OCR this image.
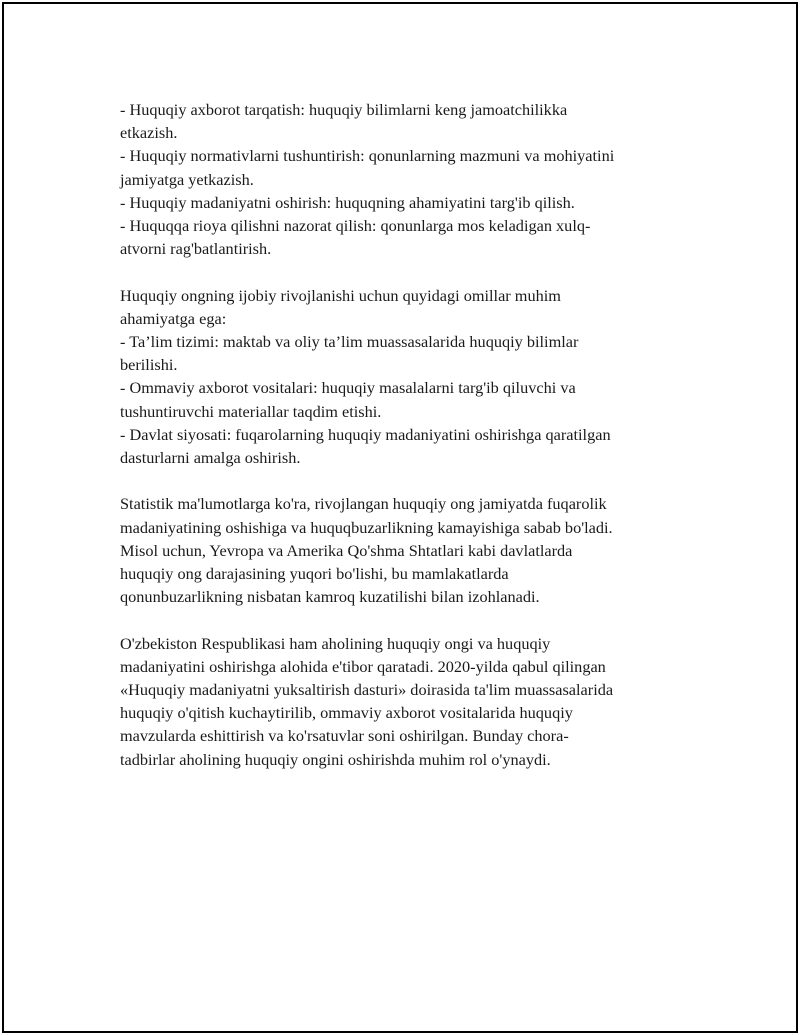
- Huquqiy axborot tarqatish: huquqiy bilimlarni keng jamoatchilikka
etkazish.
- Huquqiy normativlarni tushuntirish: qonunlarning mazmuni va mohiyatini
jamiyatga yetkazish.
- Huquqiy madaniyatni oshirish: huquqning ahamiyatini targ'ib qilish.
- Huquqqa rioya qilishni nazorat qilish: qonunlarga mos keladigan xulq-
atvorni rag'batlantirish.

Huquqiy ongning ijobiy rivojlanishi uchun quyidagi omillar muhim
ahamiyatga ega:
- Ta’lim tizimi: maktab va oliy ta’lim muassasalarida huquqiy bilimlar
berilishi.
- Ommaviy axborot vositalari: huquqiy masalalarni targ'ib qiluvchi va
tushuntiruvchi materiallar taqdim etishi.
- Davlat siyosati: fuqarolarning huquqiy madaniyatini oshirishga qaratilgan
dasturlarni amalga oshirish.

Statistik ma'lumotlarga ko'ra, rivojlangan huquqiy ong jamiyatda fuqarolik
madaniyatining oshishiga va huquqbuzarlikning kamayishiga sabab bo'ladi.
Misol uchun, Yevropa va Amerika Qo'shma Shtatlari kabi davlatlarda
huquqiy ong darajasining yuqori bo'lishi, bu mamlakatlarda
qonunbuzarlikning nisbatan kamroq kuzatilishi bilan izohlanadi.

O'zbekiston Respublikasi ham aholining huquqiy ongi va huquqiy
madaniyatini oshirishga alohida e'tibor qaratadi. 2020-yilda qabul qilingan
«Huquqiy madaniyatni yuksaltirish dasturi» doirasida ta'lim muassasalarida
huquqiy o'qitish kuchaytirilib, ommaviy axborot vositalarida huquqiy
mavzularda eshittirish va ko'rsatuvlar soni oshirilgan. Bunday chora-
tadbirlar aholining huquqiy ongini oshirishda muhim rol o'ynaydi.
